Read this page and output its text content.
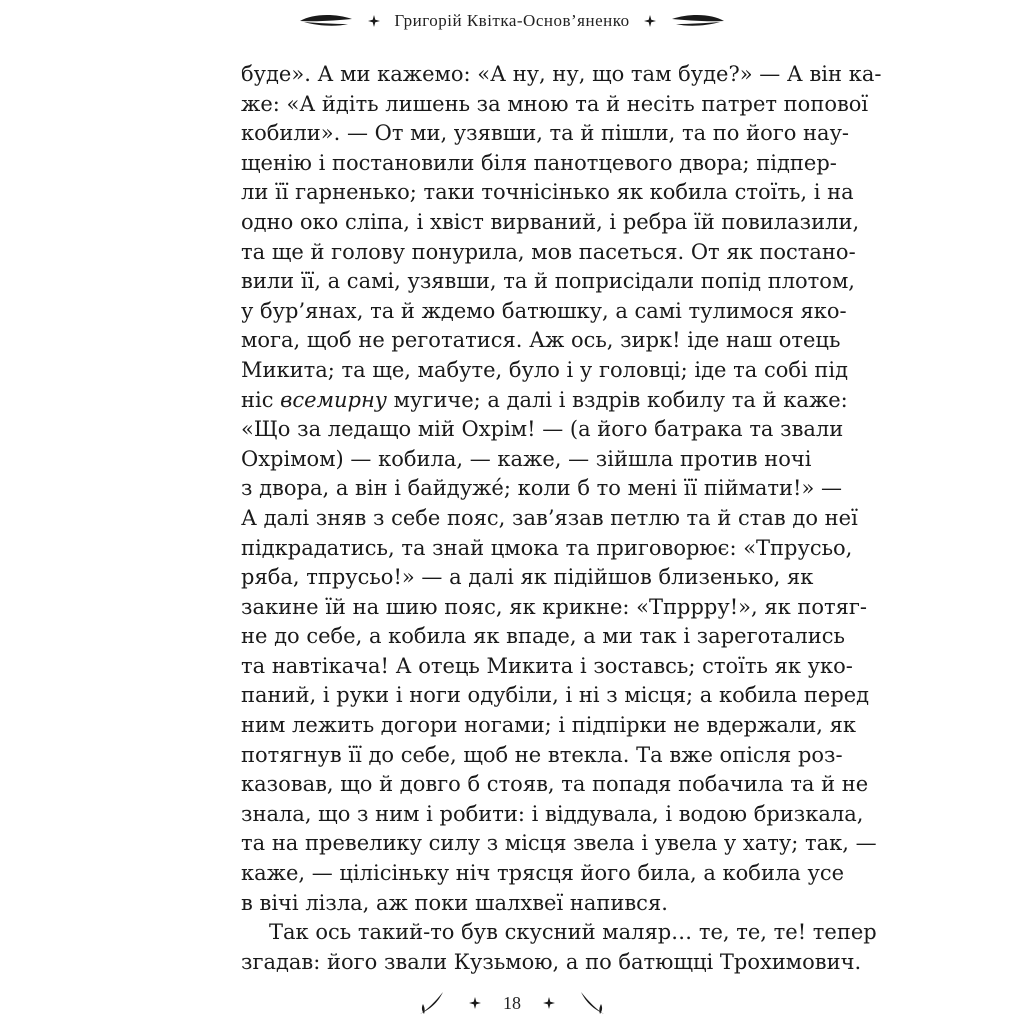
Григорій Квітка-Основ’яненко
буде». А ми кажемо: «А ну, ну, що там буде?» — А він ка-
же: «А йдіть лишень за мною та й несіть патрет попової
кобили». — От ми, узявши, та й пішли, та по його нау-
щенію і постановили біля панотцевого двора; підпер-
ли її гарненько; таки точнісінько як кобила стоїть, і на
одно око сліпа, і хвіст вирваний, і ребра їй повилазили,
та ще й голову понурила, мов пасеться. От як постано-
вили її, а самі, узявши, та й поприсідали попід плотом,
у бур’янах, та й ждемо батюшку, а самі тулимося яко-
мога, щоб не реготатися. Аж ось, зирк! іде наш отець
Микита; та ще, мабуте, було і у головці; іде та собі під
ніс всемирну мугиче; а далі і вздрів кобилу та й каже:
«Що за ледащо мій Охрім! — (а його батрака та звали
Охрімом) — кобила, — каже, — зійшла против ночі
з двора, а він і байдужé; коли б то мені її піймати!» —
А далі зняв з себе пояс, зав’язав петлю та й став до неї
підкрадатись, та знай цмока та приговорює: «Тпрусьо,
ряба, тпрусьо!» — а далі як підійшов близенько, як
закине їй на шию пояс, як крикне: «Тпррру!», як потяг-
не до себе, а кобила як впаде, а ми так і зареготались
та навтікача! А отець Микита і зоставсь; стоїть як укo-
паний, і руки і ноги одубіли, і ні з місця; а кобила перед
ним лежить догори ногами; і підпірки не вдержали, як
потягнув її до себе, щоб не втекла. Та вже опісля роз-
казовав, що й довго б стояв, та попадя побачила та й не
знала, що з ним і робити: і віддувала, і водою бризкала,
та на превелику силу з місця звела і увела у хату; так, —
каже, — цілісіньку ніч трясця його била, а кобила усе
в вічі лізла, аж поки шалхвеї напився.
Так ось такий-то був скусний маляр… те, те, те! тепер
згадав: його звали Кузьмою, а по батющці Трохимович.
18
